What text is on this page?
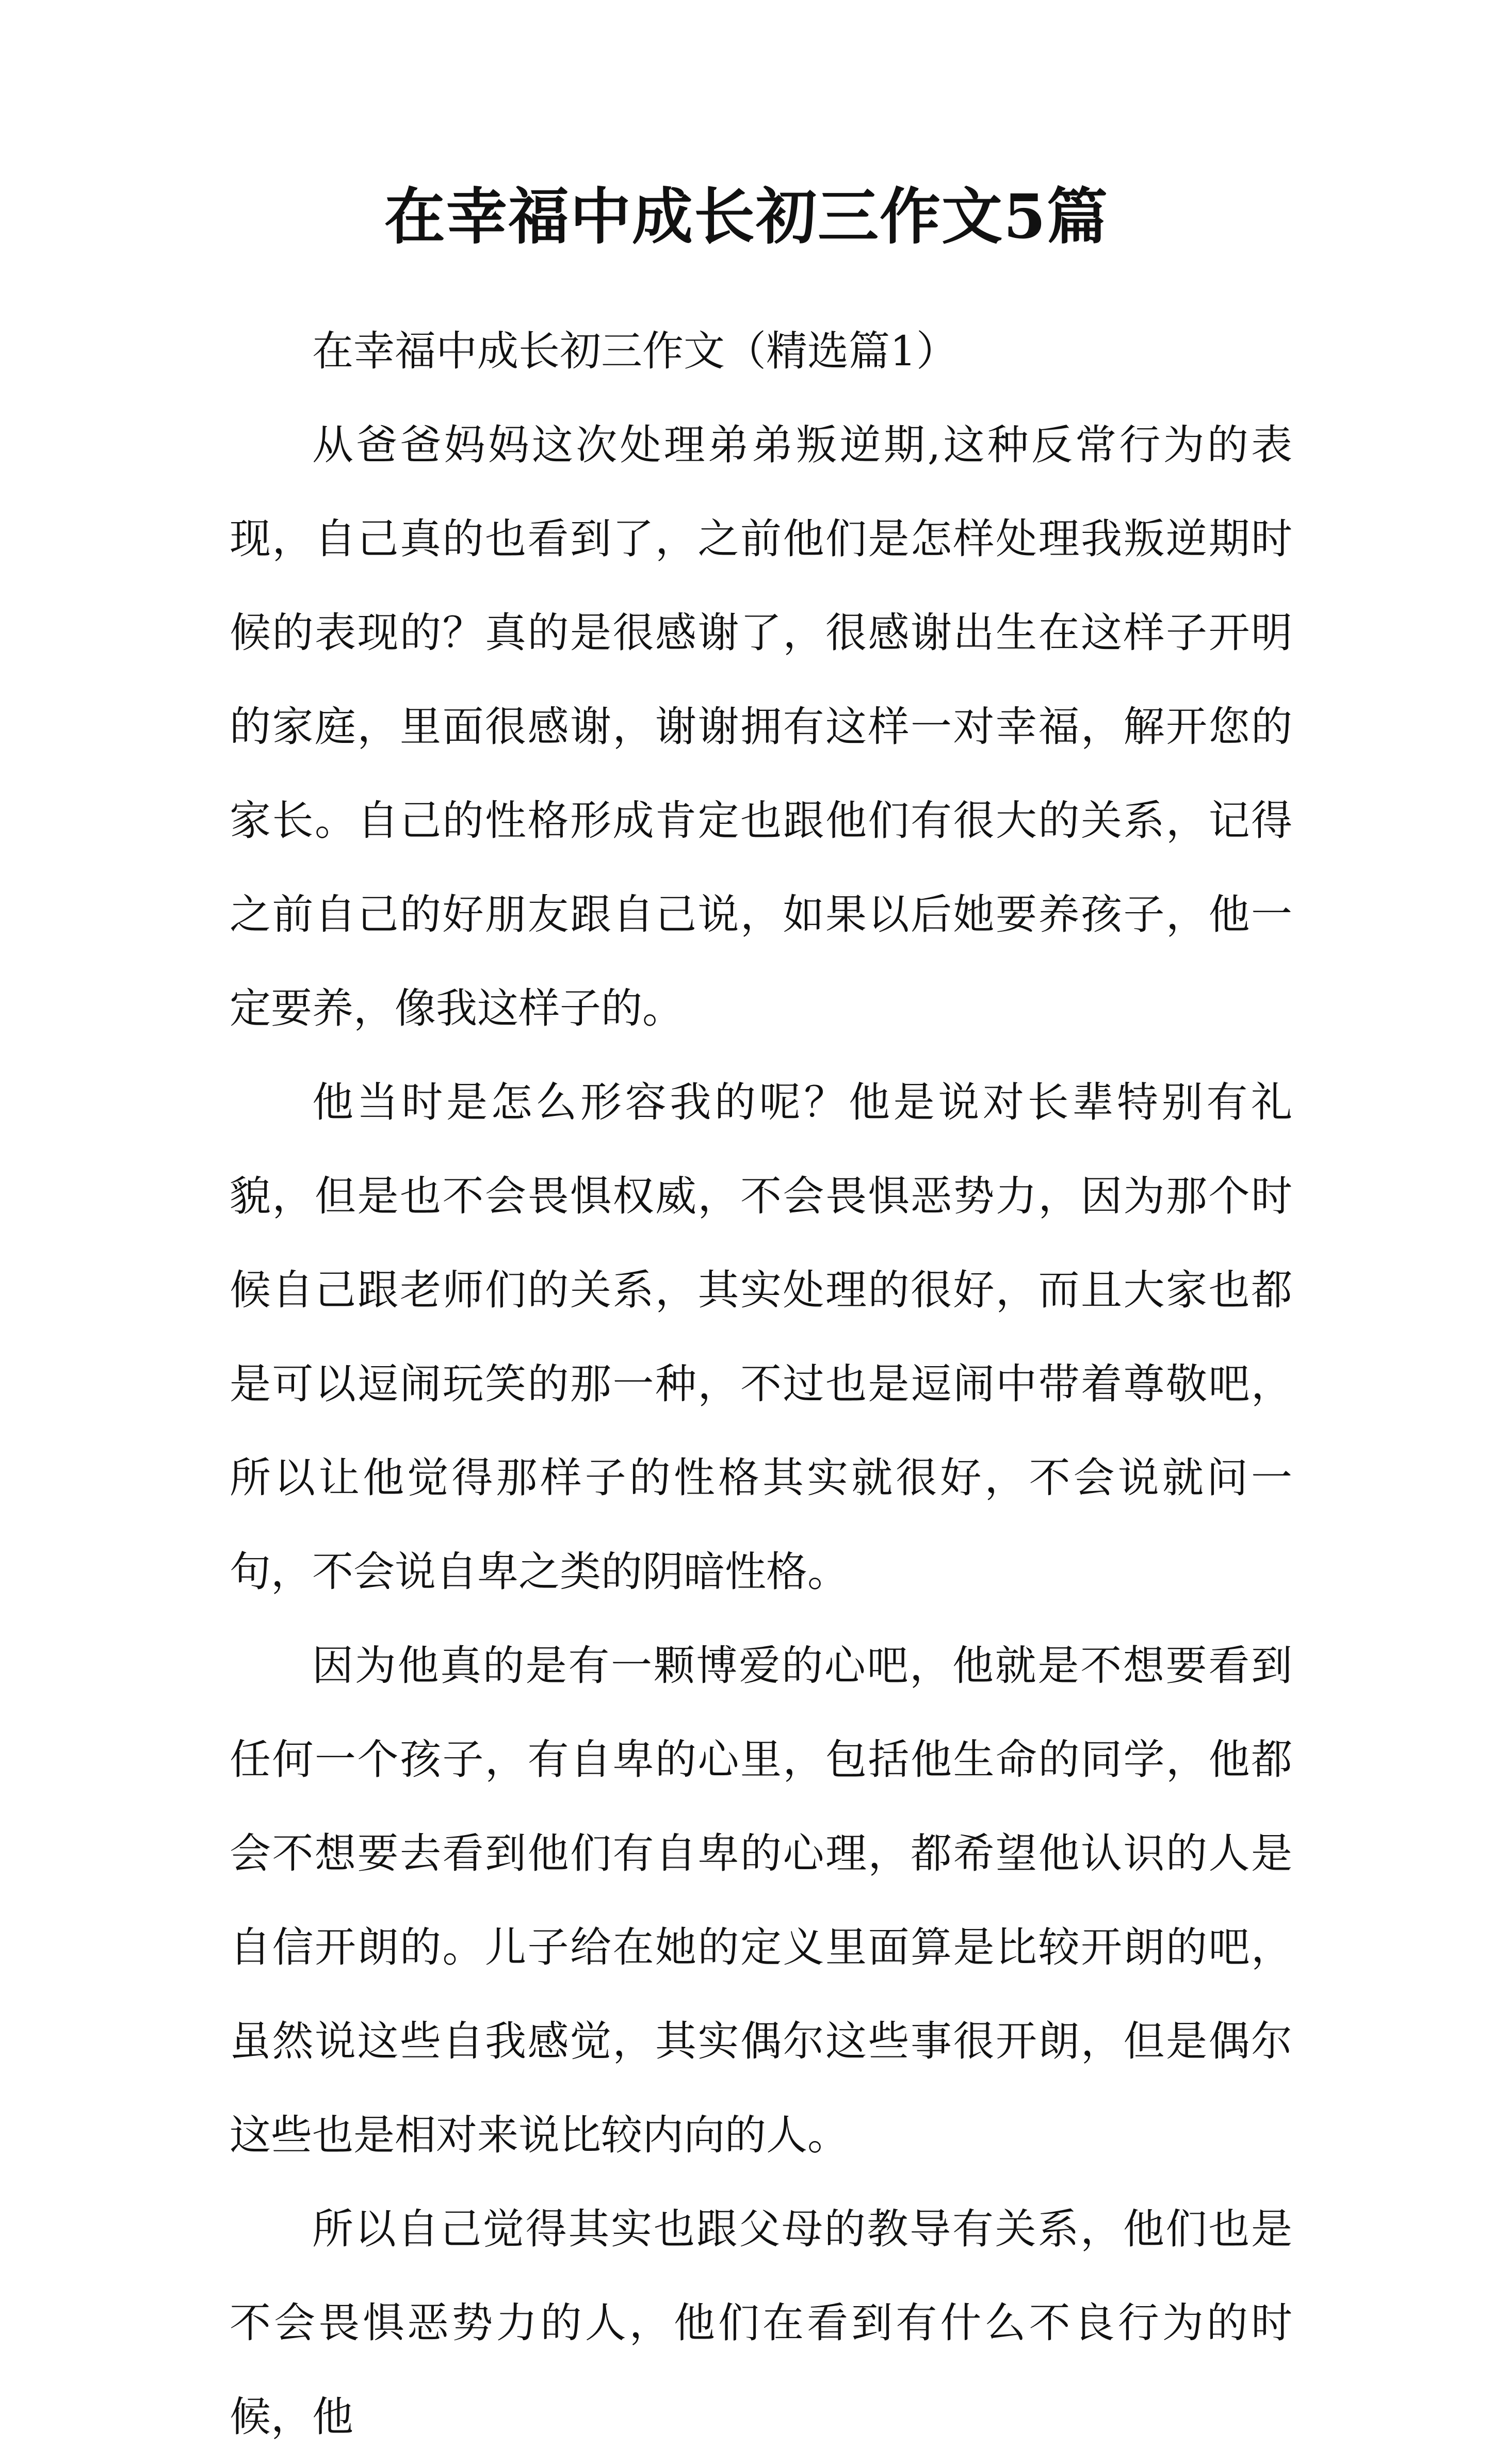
在幸福中成长初三作文5篇

在幸福中成长初三作文（精选篇1）

从爸爸妈妈这次处理弟弟叛逆期,这种反常行为的表现，自己真的也看到了，之前他们是怎样处理我叛逆期时候的表现的？真的是很感谢了，很感谢出生在这样子开明的家庭，里面很感谢，谢谢拥有这样一对幸福，解开您的家长。自己的性格形成肯定也跟他们有很大的关系，记得之前自己的好朋友跟自己说，如果以后她要养孩子，他一定要养，像我这样子的。

他当时是怎么形容我的呢？他是说对长辈特别有礼貌，但是也不会畏惧权威，不会畏惧恶势力，因为那个时候自己跟老师们的关系，其实处理的很好，而且大家也都是可以逗闹玩笑的那一种，不过也是逗闹中带着尊敬吧，所以让他觉得那样子的性格其实就很好，不会说就问一句，不会说自卑之类的阴暗性格。

因为他真的是有一颗博爱的心吧，他就是不想要看到任何一个孩子，有自卑的心里，包括他生命的同学，他都会不想要去看到他们有自卑的心理，都希望他认识的人是自信开朗的。儿子给在她的定义里面算是比较开朗的吧，虽然说这些自我感觉，其实偶尔这些事很开朗，但是偶尔这些也是相对来说比较内向的人。

所以自己觉得其实也跟父母的教导有关系，他们也是不会畏惧恶势力的人，他们在看到有什么不良行为的时候，他
